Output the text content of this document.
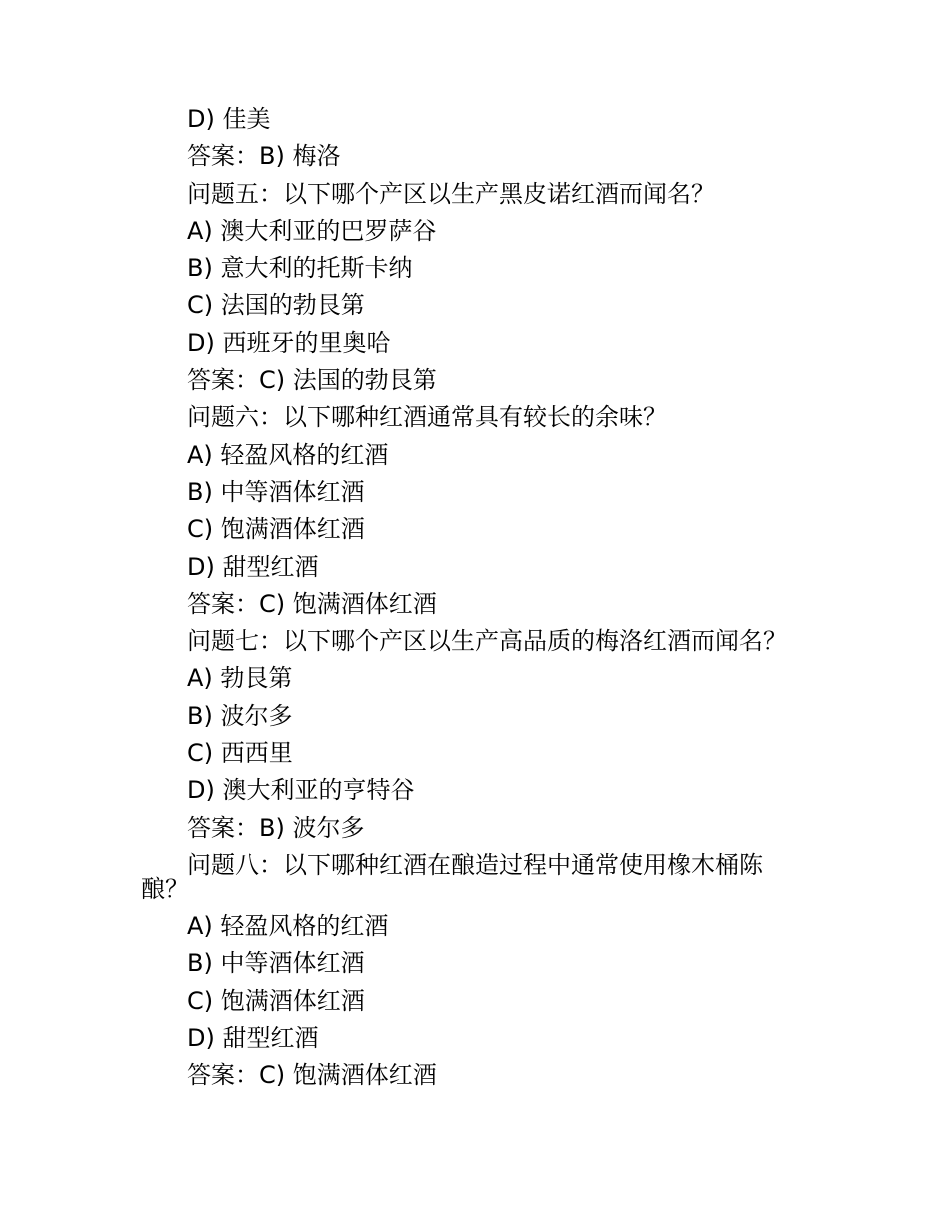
D) 佳美
答案：B) 梅洛
问题五：以下哪个产区以生产黑皮诺红酒而闻名？
A) 澳大利亚的巴罗萨谷
B) 意大利的托斯卡纳
C) 法国的勃艮第
D) 西班牙的里奥哈
答案：C) 法国的勃艮第
问题六：以下哪种红酒通常具有较长的余味？
A) 轻盈风格的红酒
B) 中等酒体红酒
C) 饱满酒体红酒
D) 甜型红酒
答案：C) 饱满酒体红酒
问题七：以下哪个产区以生产高品质的梅洛红酒而闻名？
A) 勃艮第
B) 波尔多
C) 西西里
D) 澳大利亚的亨特谷
答案：B) 波尔多
问题八：以下哪种红酒在酿造过程中通常使用橡木桶陈酿？
A) 轻盈风格的红酒
B) 中等酒体红酒
C) 饱满酒体红酒
D) 甜型红酒
答案：C) 饱满酒体红酒
